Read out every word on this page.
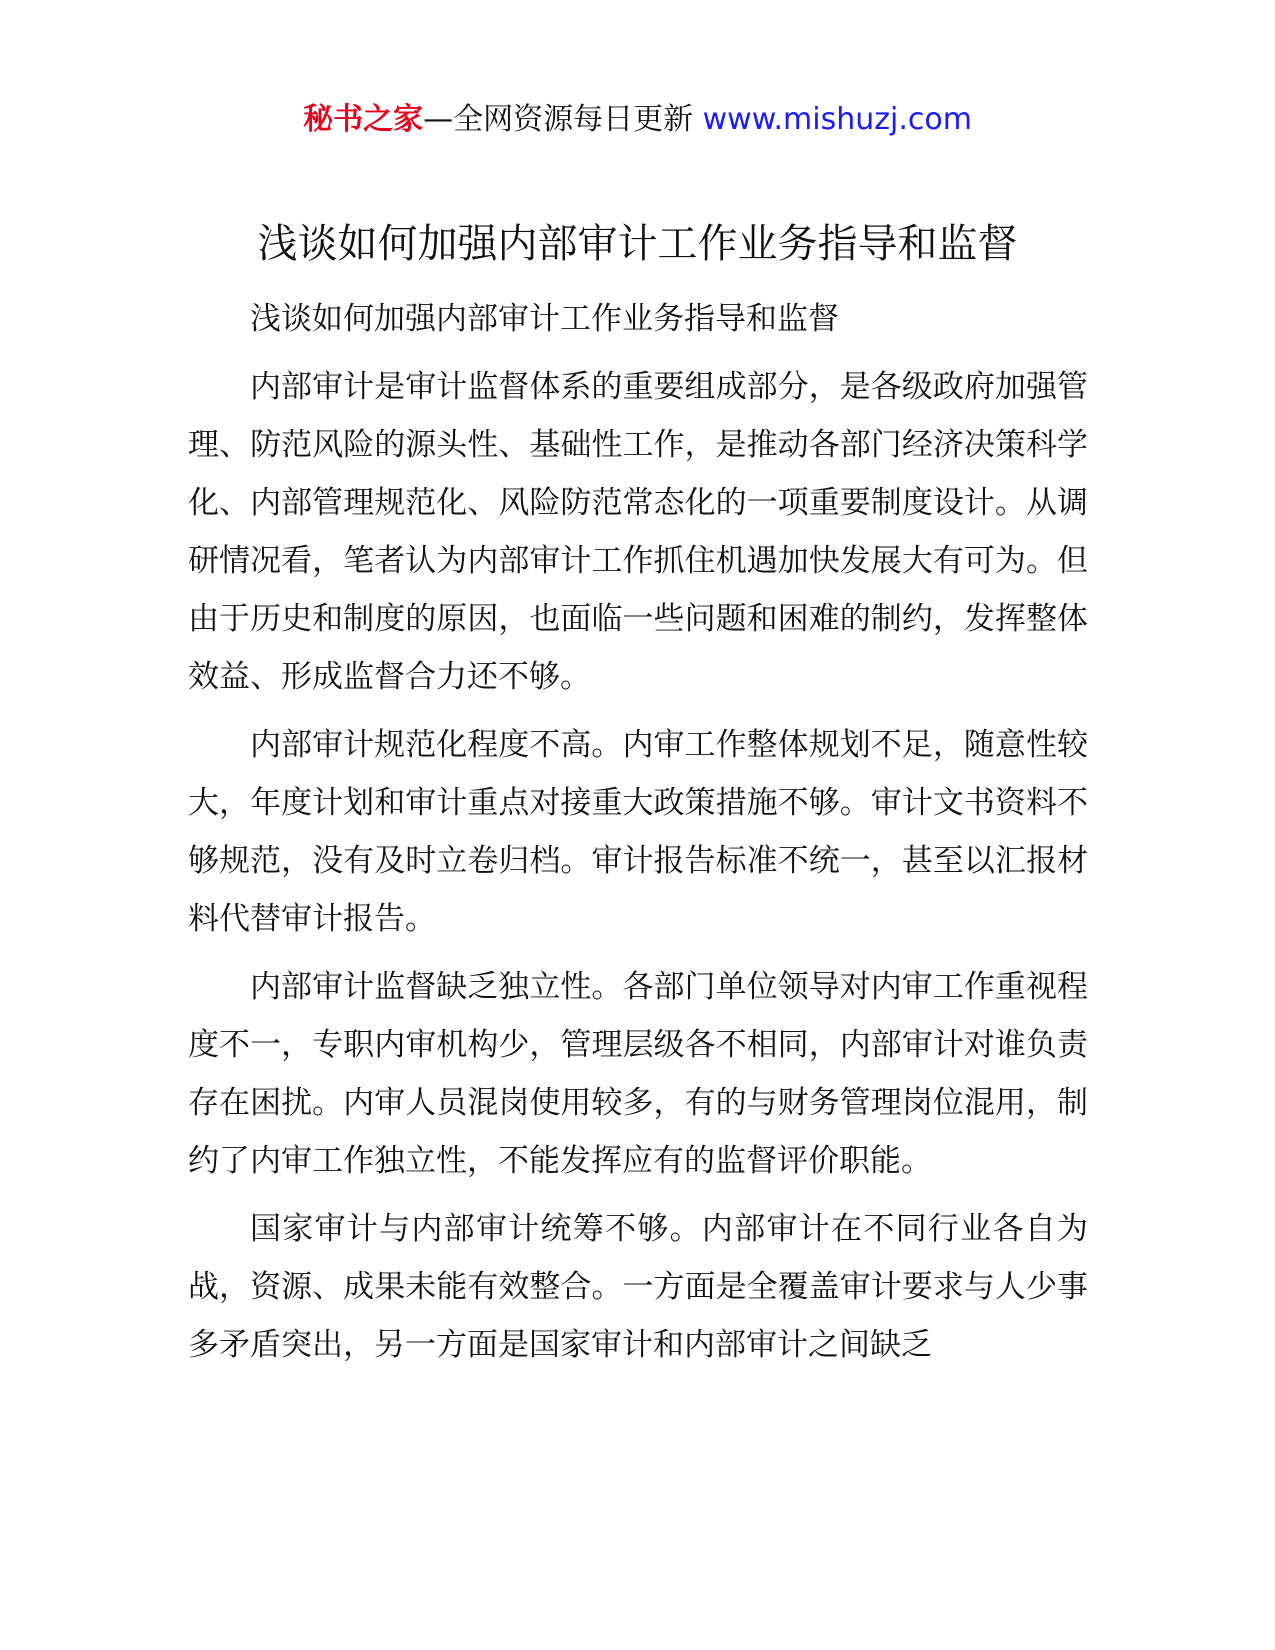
秘书之家—全网资源每日更新 www.mishuzj.com
浅谈如何加强内部审计工作业务指导和监督

浅谈如何加强内部审计工作业务指导和监督

内部审计是审计监督体系的重要组成部分，是各级政府加强管理、防范风险的源头性、基础性工作，是推动各部门经济决策科学化、内部管理规范化、风险防范常态化的一项重要制度设计。从调研情况看，笔者认为内部审计工作抓住机遇加快发展大有可为。但由于历史和制度的原因，也面临一些问题和困难的制约，发挥整体效益、形成监督合力还不够。

内部审计规范化程度不高。内审工作整体规划不足，随意性较大，年度计划和审计重点对接重大政策措施不够。审计文书资料不够规范，没有及时立卷归档。审计报告标准不统一，甚至以汇报材料代替审计报告。

内部审计监督缺乏独立性。各部门单位领导对内审工作重视程度不一，专职内审机构少，管理层级各不相同，内部审计对谁负责存在困扰。内审人员混岗使用较多，有的与财务管理岗位混用，制约了内审工作独立性，不能发挥应有的监督评价职能。

国家审计与内部审计统筹不够。内部审计在不同行业各自为战，资源、成果未能有效整合。一方面是全覆盖审计要求与人少事多矛盾突出，另一方面是国家审计和内部审计之间缺乏
